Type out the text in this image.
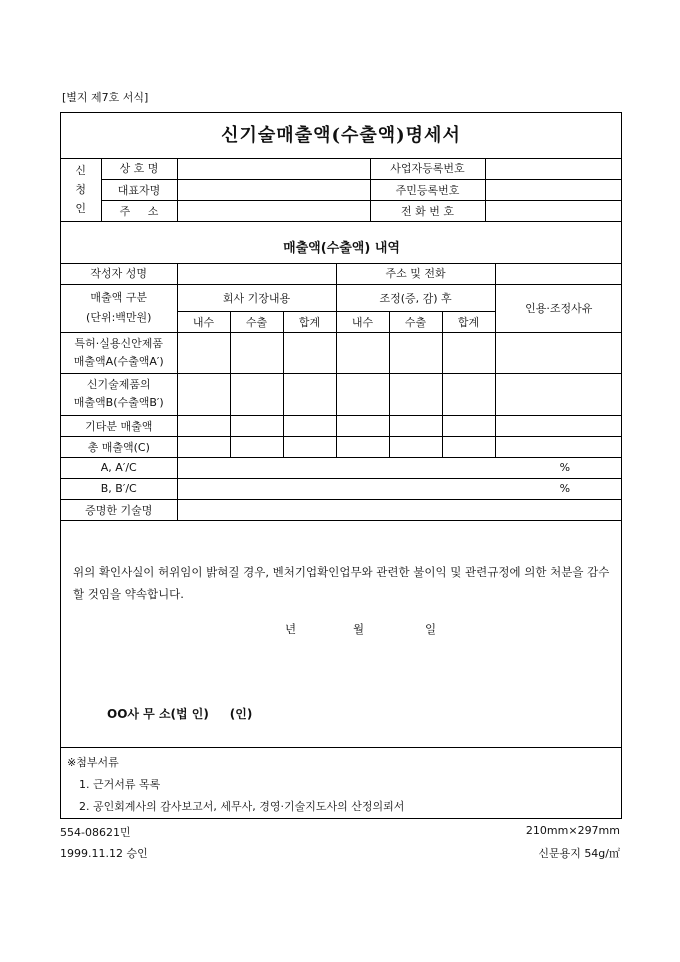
[별지 제7호 서식]
신기술매출액(수출액)명세서
신
청
인	상 호 명		사업자등록번호	
	대표자명		주민등록번호	
	주     소		전 화 번 호	
매출액(수출액) 내역
작성자 성명				주소 및 전화			
매출액 구분
(단위:백만원)	회사 기장내용			조정(증, 감) 후			인용·조정사유
	내수	수출	합계	내수	수출	합계	
특허·실용신안제품
매출액A(수출액A′)							
신기술제품의
매출액B(수출액B′)							
기타분 매출액							
총 매출액(C)							
A, A′/C	%						
B, B′/C	%						
증명한 기술명							
위의 확인사실이 허위임이 밝혀질 경우, 벤처기업확인업무와 관련한 불이익 및 관련규정에 의한 처분을 감수할 것임을 약속합니다.
년	월	일
OO사 무 소(법 인)     (인)
※첨부서류
1. 근거서류 목록
2. 공인회계사의 감사보고서, 세무사, 경영·기술지도사의 산정의뢰서
554-08621민
1999.11.12 승인
210mm×297mm
신문용지 54g/㎡
